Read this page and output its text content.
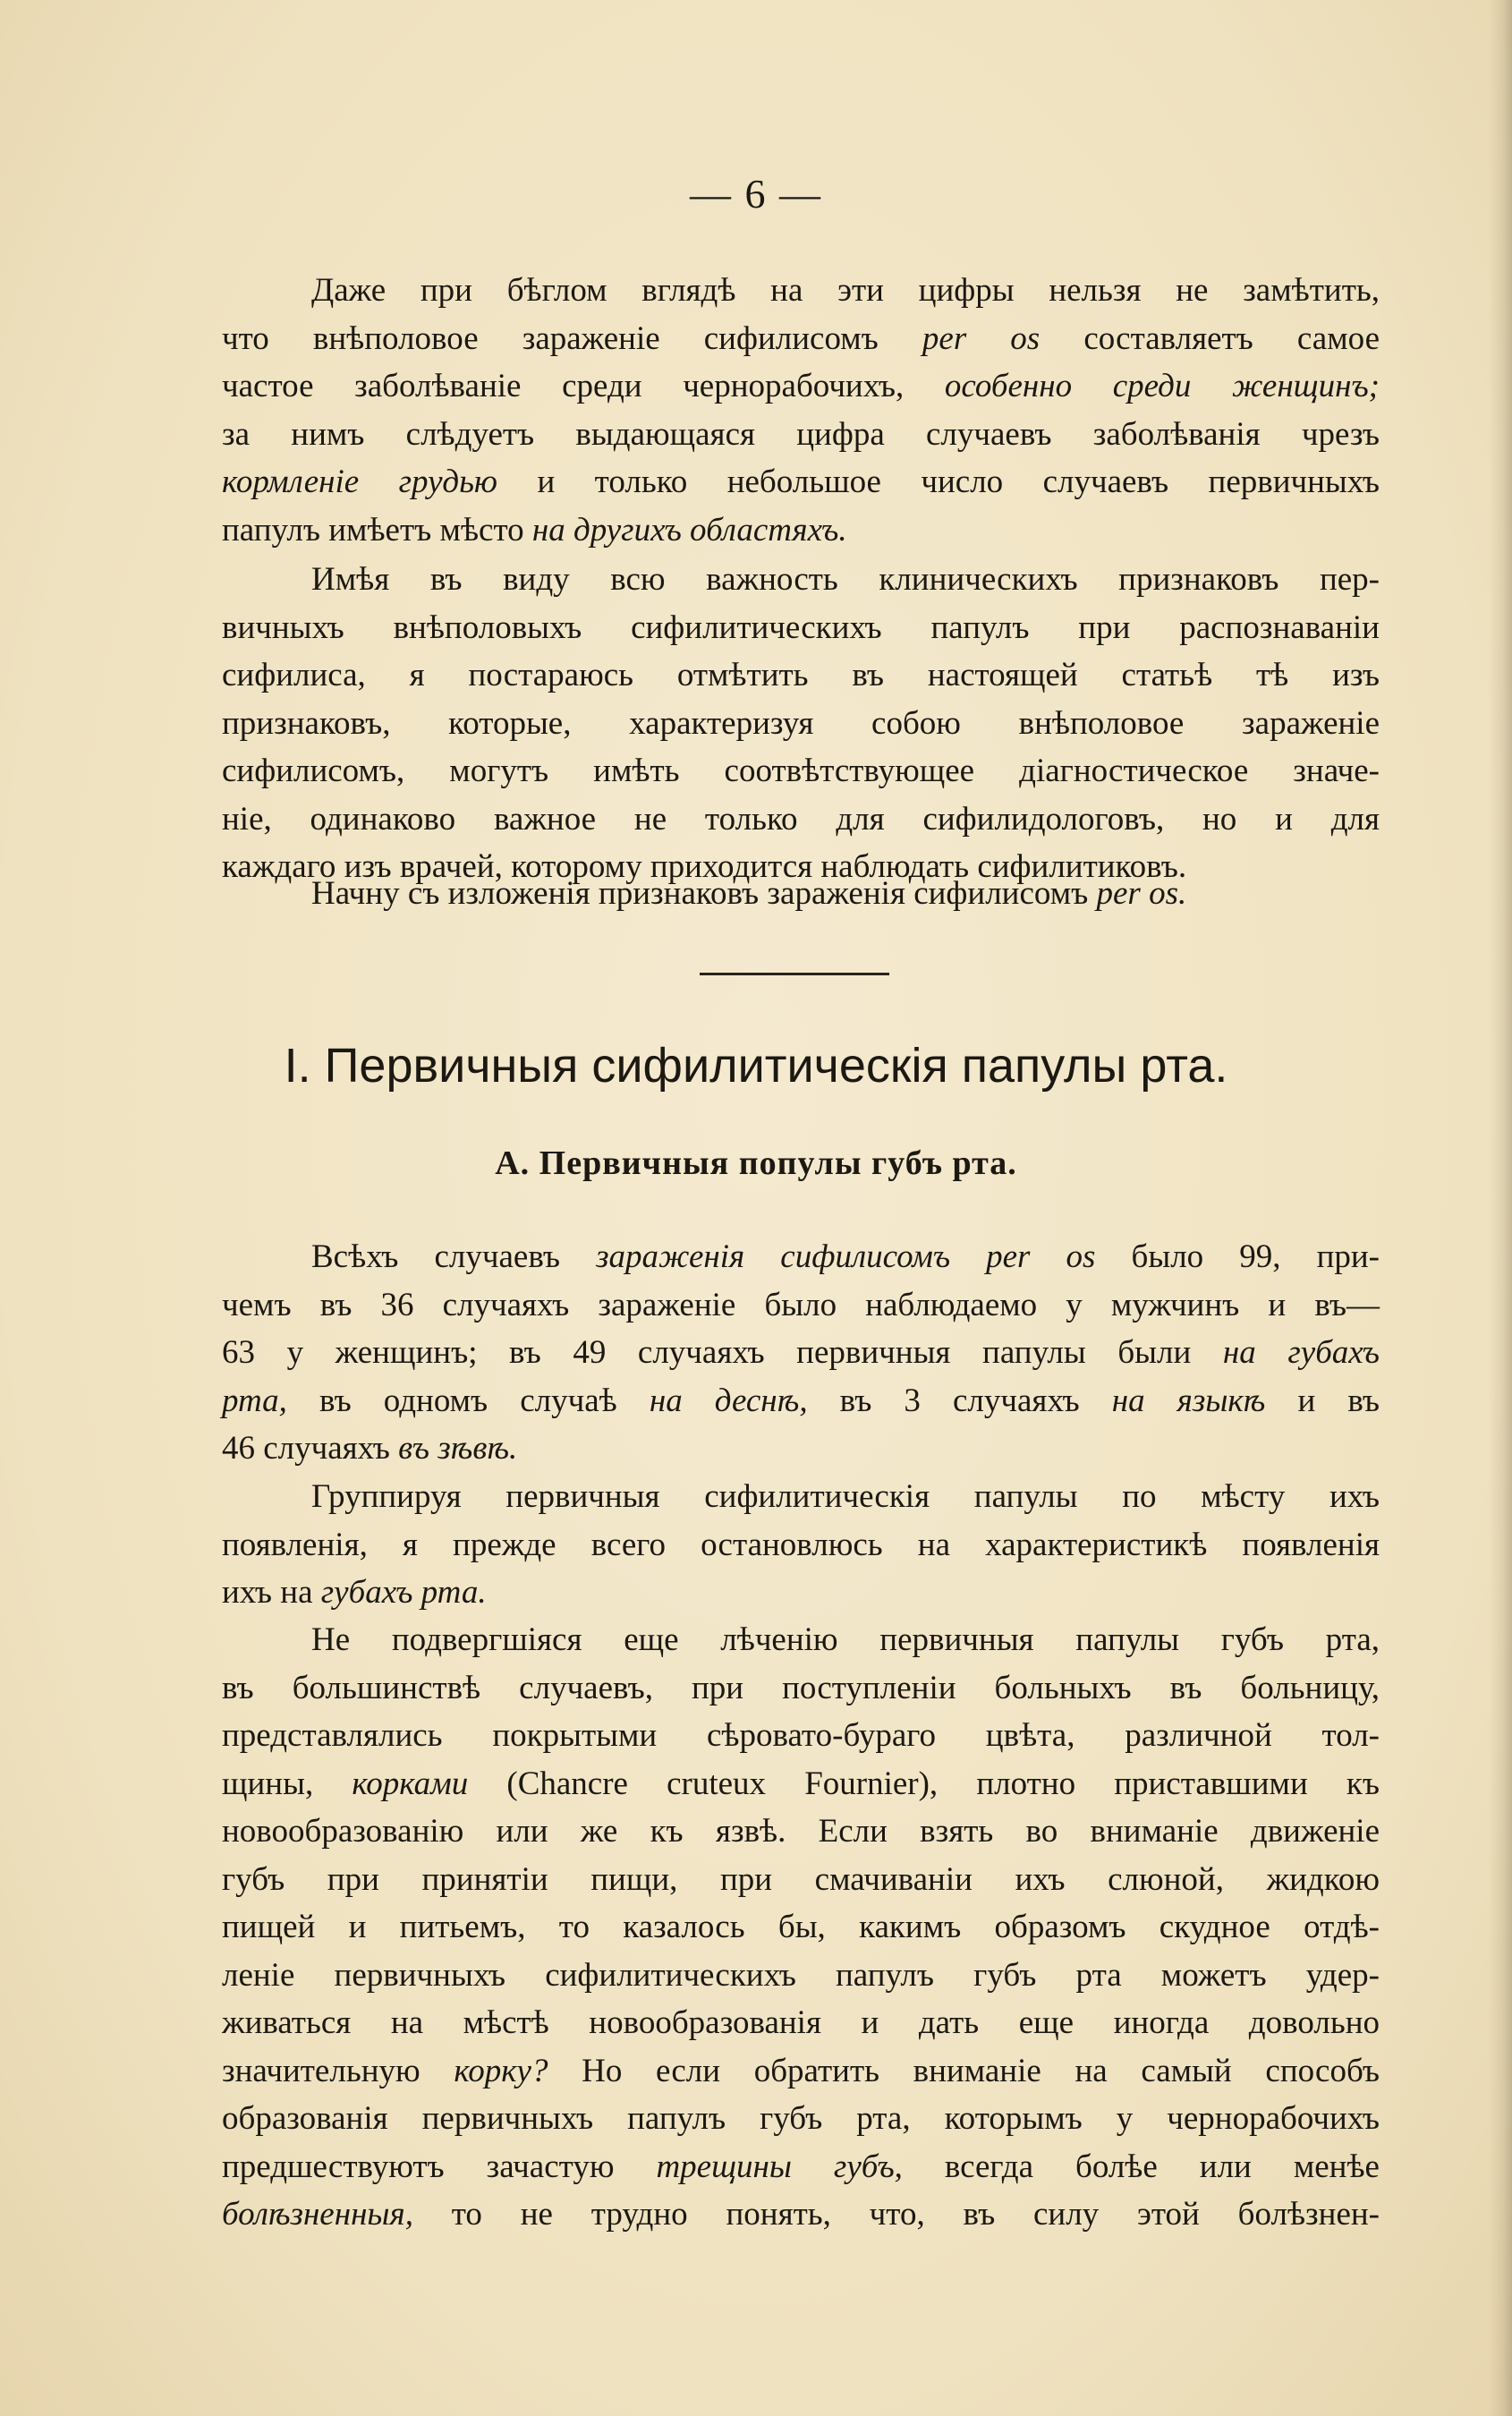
— 6 —

Даже при бѣглом вглядѣ на эти цифры нельзя не замѣтить,

что внѣполовое зараженіе сифилисомъ per os составляетъ самое

частое заболѣваніе среди чернорабочихъ, особенно среди женщинъ;

за нимъ слѣдуетъ выдающаяся цифра случаевъ заболѣванія чрезъ

кормленіе грудью и только небольшое число случаевъ первичныхъ

папулъ имѣетъ мѣсто на другихъ областяхъ.

Имѣя въ виду всю важность клиническихъ признаковъ пер-

вичныхъ внѣполовыхъ сифилитическихъ папулъ при распознаваніи

сифилиса, я постараюсь отмѣтить въ настоящей статьѣ тѣ изъ

признаковъ, которые, характеризуя собою внѣполовое зараженіе

сифилисомъ, могутъ имѣть соотвѣтствующее діагностическое значе-

ніе, одинаково важное не только для сифилидологовъ, но и для

каждаго изъ врачей, которому приходится наблюдать сифилитиковъ.

Начну съ изложенія признаковъ зараженія сифилисомъ per os.

I. Первичныя сифилитическія папулы рта.
A. Первичныя популы губъ рта.

Всѣхъ случаевъ зараженія сифилисомъ per os было 99, при-

чемъ въ 36 случаяхъ зараженіе было наблюдаемо у мужчинъ и въ—

63 у женщинъ; въ 49 случаяхъ первичныя папулы были на губахъ

рта, въ одномъ случаѣ на деснѣ, въ 3 случаяхъ на языкѣ и въ

46 случаяхъ въ зѣвѣ.

Группируя первичныя сифилитическія папулы по мѣсту ихъ

появленія, я прежде всего остановлюсь на характеристикѣ появленія

ихъ на губахъ рта.

Не подвергшіяся еще лѣченію первичныя папулы губъ рта,

въ большинствѣ случаевъ, при поступленіи больныхъ въ больницу,

представлялись покрытыми сѣровато-бураго цвѣта, различной тол-

щины, корками (Chancre cruteux Fournier), плотно приставшими къ

новообразованію или же къ язвѣ. Если взять во вниманіе движеніе

губъ при принятіи пищи, при смачиваніи ихъ слюной, жидкою

пищей и питьемъ, то казалось бы, какимъ образомъ скудное отдѣ-

леніе первичныхъ сифилитическихъ папулъ губъ рта можетъ удер-

живаться на мѣстѣ новообразованія и дать еще иногда довольно

значительную корку? Но если обратить вниманіе на самый способъ

образованія первичныхъ папулъ губъ рта, которымъ у чернорабочихъ

предшествуютъ зачастую трещины губъ, всегда болѣе или менѣе

болѣзненныя, то не трудно понять, что, въ силу этой болѣзнен-
